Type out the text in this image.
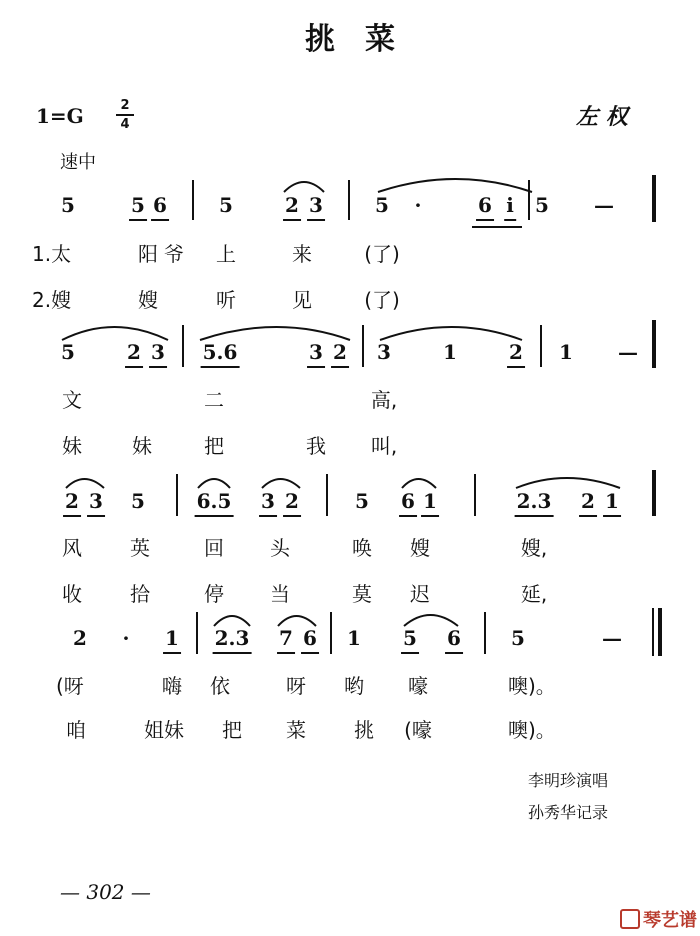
挑　菜
1=G	2
4	左 权
速中
5	5 6	5	2 3	5 ·	6 i 5 —
1.太	阳 爷 上	来	(了)
2.嫂	嫂	听	见	(了)
5	2 3 5.6	3 2 3	1	2 1 —
文	二	高,
妹	妹	把	我 叫,
2 3 5	6.5 3 2	5 6 1	2.3 2 1
风 英	回 头	唤 嫂	嫂,
收 拾	停 当	莫 迟	延,
2 · 1 2.3 7 6 1 5 6	5	—
(呀	嗨 依	呀 哟 嚎	噢)。
咱	姐妹 把 菜 挑 (嚎	噢)。
李明珍演唱
孙秀华记录
— 302 —
琴艺谱
